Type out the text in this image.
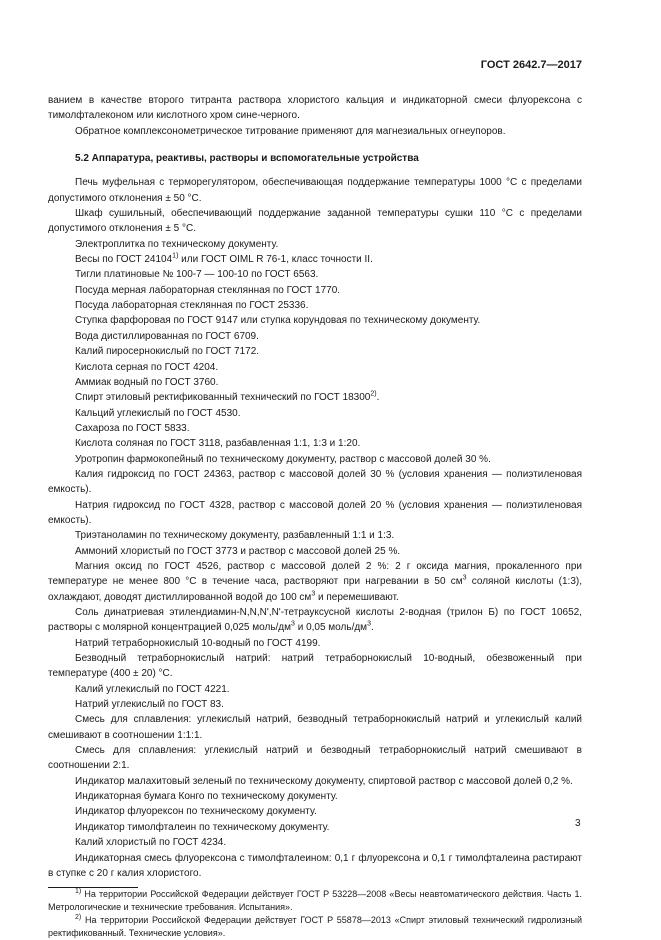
ГОСТ 2642.7—2017

ванием в качестве второго титранта раствора хлористого кальция и индикаторной смеси флуорексона с тимолфталеконом или кислотного хром сине-черного.

Обратное комплексонометрическое титрование применяют для магнезиальных огнеупоров.

5.2 Аппаратура, реактивы, растворы и вспомогательные устройства

Печь муфельная с терморегулятором, обеспечивающая поддержание температуры 1000 °С с пределами допустимого отклонения ± 50 °С.

Шкаф сушильный, обеспечивающий поддержание заданной температуры сушки 110 °С с пределами допустимого отклонения ± 5 °С.

Электроплитка по техническому документу.

Весы по ГОСТ 24104$^{1)}$ или ГОСТ OIML R 76-1, класс точности II.

Тигли платиновые № 100-7 — 100-10 по ГОСТ 6563.

Посуда мерная лабораторная стеклянная по ГОСТ 1770.

Посуда лабораторная стеклянная по ГОСТ 25336.

Ступка фарфоровая по ГОСТ 9147 или ступка корундовая по техническому документу.

Вода дистиллированная по ГОСТ 6709.

Калий пиросернокислый по ГОСТ 7172.

Кислота серная по ГОСТ 4204.

Аммиак водный по ГОСТ 3760.

Спирт этиловый ректификованный технический по ГОСТ 18300$^{2)}$.

Кальций углекислый по ГОСТ 4530.

Сахароза по ГОСТ 5833.

Кислота соляная по ГОСТ 3118, разбавленная 1:1, 1:3 и 1:20.

Уротропин фармокопейный по техническому документу, раствор с массовой долей 30 %.

Калия гидроксид по ГОСТ 24363, раствор с массовой долей 30 % (условия хранения — полиэтиленовая емкость).

Натрия гидроксид по ГОСТ 4328, раствор с массовой долей 20 % (условия хранения — полиэтиленовая емкость).

Триэтаноламин по техническому документу, разбавленный 1:1 и 1:3.

Аммоний хлористый по ГОСТ 3773 и раствор с массовой долей 25 %.

Магния оксид по ГОСТ 4526, раствор с массовой долей 2 %: 2 г оксида магния, прокаленного при температуре не менее 800 °С в течение часа, растворяют при нагревании в 50 $см^3$ соляной кислоты (1:3), охлаждают, доводят дистиллированной водой до 100 $см^3$ и перемешивают.

Соль динатриевая этилендиамин-N,N,N',N'-тетрауксусной кислоты 2-водная (трилон Б) по ГОСТ 10652, растворы с молярной концентрацией 0,025 моль/$дм^3$ и 0,05 моль/$дм^3$.

Натрий тетраборнокислый 10-водный по ГОСТ 4199.

Безводный тетраборнокислый натрий: натрий тетраборнокислый 10-водный, обезвоженный при температуре (400 ± 20) °С.

Калий углекислый по ГОСТ 4221.

Натрий углекислый по ГОСТ 83.

Смесь для сплавления: углекислый натрий, безводный тетраборнокислый натрий и углекислый калий смешивают в соотношении 1:1:1.

Смесь для сплавления: углекислый натрий и безводный тетраборнокислый натрий смешивают в соотношении 2:1.

Индикатор малахитовый зеленый по техническому документу, спиртовой раствор с массовой долей 0,2 %.

Индикаторная бумага Конго по техническому документу.

Индикатор флуорексон по техническому документу.

Индикатор тимолфталеин по техническому документу.

Калий хлористый по ГОСТ 4234.

Индикаторная смесь флуорексона с тимолфталеином: 0,1 г флуорексона и 0,1 г тимолфталеина растирают в ступке с 20 г калия хлористого.

$^{1)}$ На территории Российской Федерации действует ГОСТ Р 53228—2008 «Весы неавтоматического действия. Часть 1. Метрологические и технические требования. Испытания».

$^{2)}$ На территории Российской Федерации действует ГОСТ Р 55878—2013 «Спирт этиловый технический гидролизный ректификованный. Технические условия».

3
